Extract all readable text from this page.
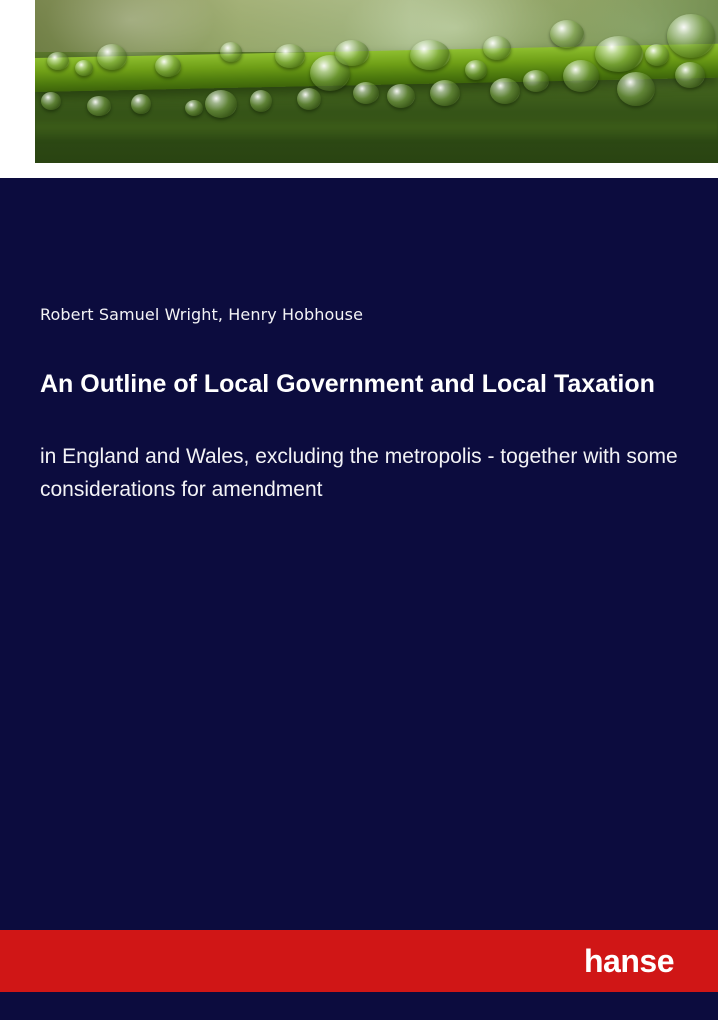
Robert Samuel Wright, Henry Hobhouse
An Outline of Local Government and Local Taxation

in England and Wales, excluding the metropolis - together with some considerations for amendment

hanse
